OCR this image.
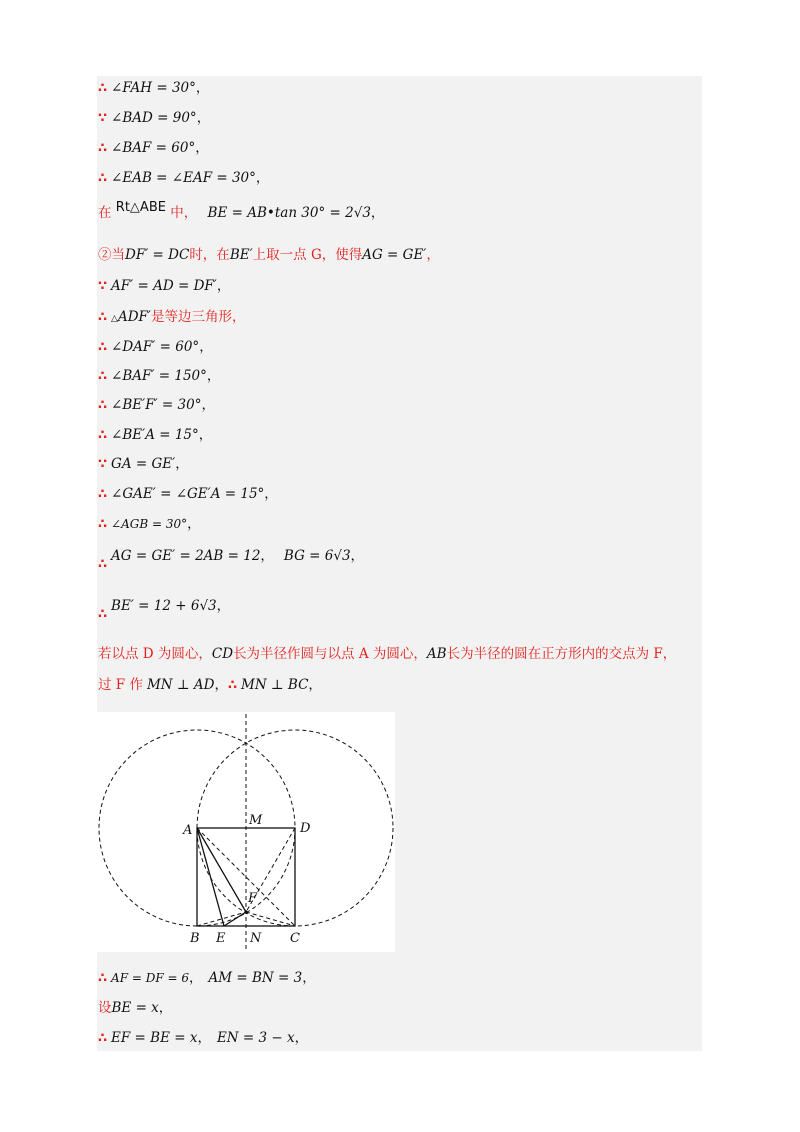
∴ ∠FAH = 30°，
∵ ∠BAD = 90°，
∴ ∠BAF = 60°，
∴ ∠EAB = ∠EAF = 30°，
在 Rt△ABE 中， BE = AB•tan 30° = 2√3，
②当DF′ = DC时，在BE′上取一点 G，使得AG = GE′，
∵ AF′ = AD = DF′，
∴ △ADF′是等边三角形，
∴ ∠DAF′ = 60°，
∴ ∠BAF′ = 150°，
∴ ∠BE′F′ = 30°，
∴ ∠BE′A = 15°，
∵ GA = GE′，
∴ ∠GAE′ = ∠GE′A = 15°，
∴ ∠AGB = 30°，
∴AG = GE′ = 2AB = 12， BG = 6√3，
∴BE′ = 12 + 6√3，
若以点 D 为圆心，CD长为半径作圆与以点 A 为圆心，AB长为半径的圆在正方形内的交点为 F，
过 F 作 MN ⊥ AD，∴ MN ⊥ BC，
A
M
D
F
B E N C
∴ AF = DF = 6， AM = BN = 3，
设BE = x，
∴ EF = BE = x， EN = 3 − x，
